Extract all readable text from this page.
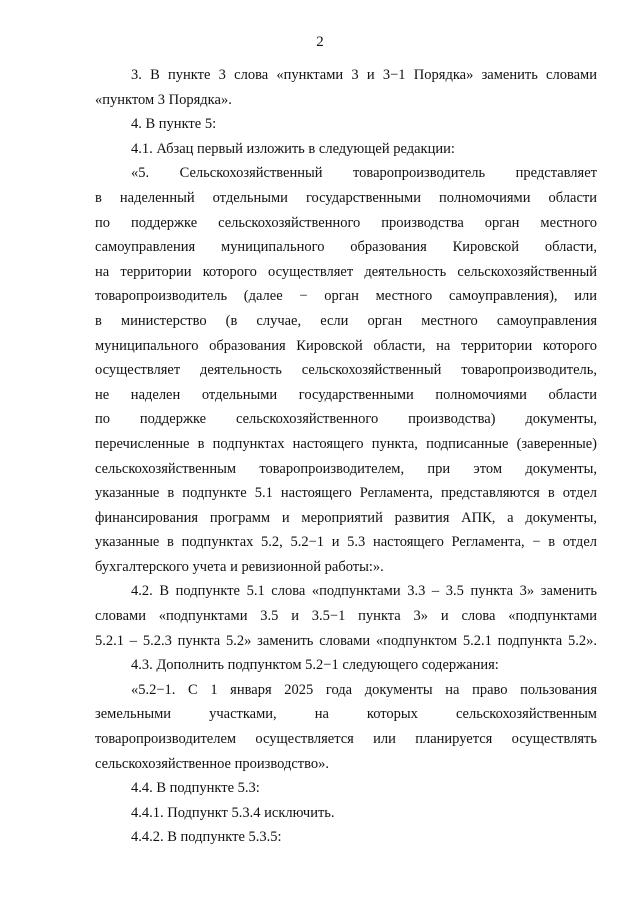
2
3. В пункте 3 слова «пунктами 3 и 3−1 Порядка» заменить словами
«пунктом 3 Порядка».
4. В пункте 5:
4.1. Абзац первый изложить в следующей редакции:
«5. Сельскохозяйственный товаропроизводитель представляет
в наделенный отдельными государственными полномочиями области
по поддержке сельскохозяйственного производства орган местного
самоуправления муниципального образования Кировской области,
на территории которого осуществляет деятельность сельскохозяйственный
товаропроизводитель (далее − орган местного самоуправления), или
в министерство (в случае, если орган местного самоуправления
муниципального образования Кировской области, на территории которого
осуществляет деятельность сельскохозяйственный товаропроизводитель,
не наделен отдельными государственными полномочиями области
по поддержке сельскохозяйственного производства) документы,
перечисленные в подпунктах настоящего пункта, подписанные (заверенные)
сельскохозяйственным товаропроизводителем, при этом документы,
указанные в подпункте 5.1 настоящего Регламента, представляются в отдел
финансирования программ и мероприятий развития АПК, а документы,
указанные в подпунктах 5.2, 5.2−1 и 5.3 настоящего Регламента, − в отдел
бухгалтерского учета и ревизионной работы:».
4.2. В подпункте 5.1 слова «подпунктами 3.3 – 3.5 пункта 3» заменить
словами «подпунктами 3.5 и 3.5−1 пункта 3» и слова «подпунктами
5.2.1 – 5.2.3 пункта 5.2» заменить словами «подпунктом 5.2.1 подпункта 5.2».
4.3. Дополнить подпунктом 5.2−1 следующего содержания:
«5.2−1. С 1 января 2025 года документы на право пользования
земельными участками, на которых сельскохозяйственным
товаропроизводителем осуществляется или планируется осуществлять
сельскохозяйственное производство».
4.4. В подпункте 5.3:
4.4.1. Подпункт 5.3.4 исключить.
4.4.2. В подпункте 5.3.5:
